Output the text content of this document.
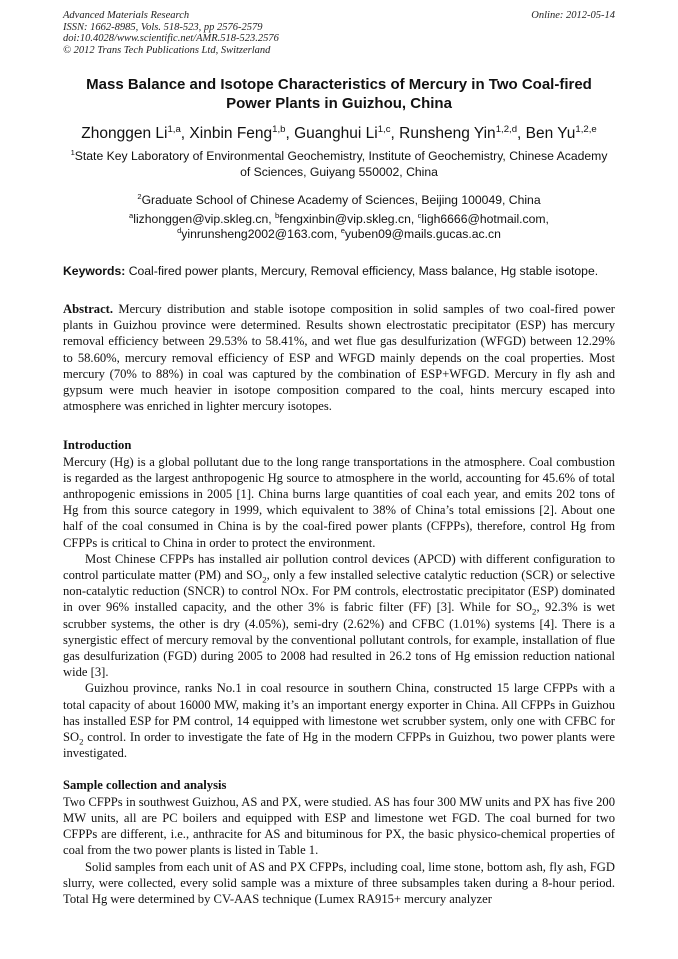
Advanced Materials Research
ISSN: 1662-8985, Vols. 518-523, pp 2576-2579
doi:10.4028/www.scientific.net/AMR.518-523.2576
© 2012 Trans Tech Publications Ltd, Switzerland
Online: 2012-05-14
Mass Balance and Isotope Characteristics of Mercury in Two Coal-fired
Power Plants in Guizhou, China
Zhonggen Li$^{1,a}$, Xinbin Feng$^{1,b}$, Guanghui Li$^{1,c}$, Runsheng Yin$^{1,2,d}$, Ben Yu$^{1,2,e}$
$^1$State Key Laboratory of Environmental Geochemistry, Institute of Geochemistry, Chinese Academy
of Sciences, Guiyang 550002, China
$^2$Graduate School of Chinese Academy of Sciences, Beijing 100049, China
$^a$lizhonggen@vip.skleg.cn, $^b$fengxinbin@vip.skleg.cn, $^c$ligh6666@hotmail.com,
$^d$yinrunsheng2002@163.com, $^e$yuben09@mails.gucas.ac.cn
Keywords: Coal-fired power plants, Mercury, Removal efficiency, Mass balance, Hg stable isotope.
Abstract. Mercury distribution and stable isotope composition in solid samples of two coal-fired power plants in Guizhou province were determined. Results shown electrostatic precipitator (ESP) has mercury removal efficiency between 29.53% to 58.41%, and wet flue gas desulfurization (WFGD) between 12.29% to 58.60%, mercury removal efficiency of ESP and WFGD mainly depends on the coal properties. Most mercury (70% to 88%) in coal was captured by the combination of ESP+WFGD. Mercury in fly ash and gypsum were much heavier in isotope composition compared to the coal, hints mercury escaped into atmosphere was enriched in lighter mercury isotopes.
Introduction

Mercury (Hg) is a global pollutant due to the long range transportations in the atmosphere. Coal combustion is regarded as the largest anthropogenic Hg source to atmosphere in the world, accounting for 45.6% of total anthropogenic emissions in 2005 [1]. China burns large quantities of coal each year, and emits 202 tons of Hg from this source category in 1999, which equivalent to 38% of China’s total emissions [2]. About one half of the coal consumed in China is by the coal-fired power plants (CFPPs), therefore, control Hg from CFPPs is critical to China in order to protect the environment.

Most Chinese CFPPs has installed air pollution control devices (APCD) with different configuration to control particulate matter (PM) and $SO_2$, only a few installed selective catalytic reduction (SCR) or selective non-catalytic reduction (SNCR) to control NOx. For PM controls, electrostatic precipitator (ESP) dominated in over 96% installed capacity, and the other 3% is fabric filter (FF) [3]. While for $SO_2$, 92.3% is wet scrubber systems, the other is dry (4.05%), semi-dry (2.62%) and CFBC (1.01%) systems [4]. There is a synergistic effect of mercury removal by the conventional pollutant controls, for example, installation of flue gas desulfurization (FGD) during 2005 to 2008 had resulted in 26.2 tons of Hg emission reduction national wide [3].

Guizhou province, ranks No.1 in coal resource in southern China, constructed 15 large CFPPs with a total capacity of about 16000 MW, making it’s an important energy exporter in China. All CFPPs in Guizhou has installed ESP for PM control, 14 equipped with limestone wet scrubber system, only one with CFBC for $SO_2$ control. In order to investigate the fate of Hg in the modern CFPPs in Guizhou, two power plants were investigated.

Sample collection and analysis

Two CFPPs in southwest Guizhou, AS and PX, were studied. AS has four 300 MW units and PX has five 200 MW units, all are PC boilers and equipped with ESP and limestone wet FGD. The coal burned for two CFPPs are different, i.e., anthracite for AS and bituminous for PX, the basic physico-chemical properties of coal from the two power plants is listed in Table 1.

Solid samples from each unit of AS and PX CFPPs, including coal, lime stone, bottom ash, fly ash, FGD slurry, were collected, every solid sample was a mixture of three subsamples taken during a 8-hour period. Total Hg were determined by CV-AAS technique (Lumex RA915+ mercury analyzer
